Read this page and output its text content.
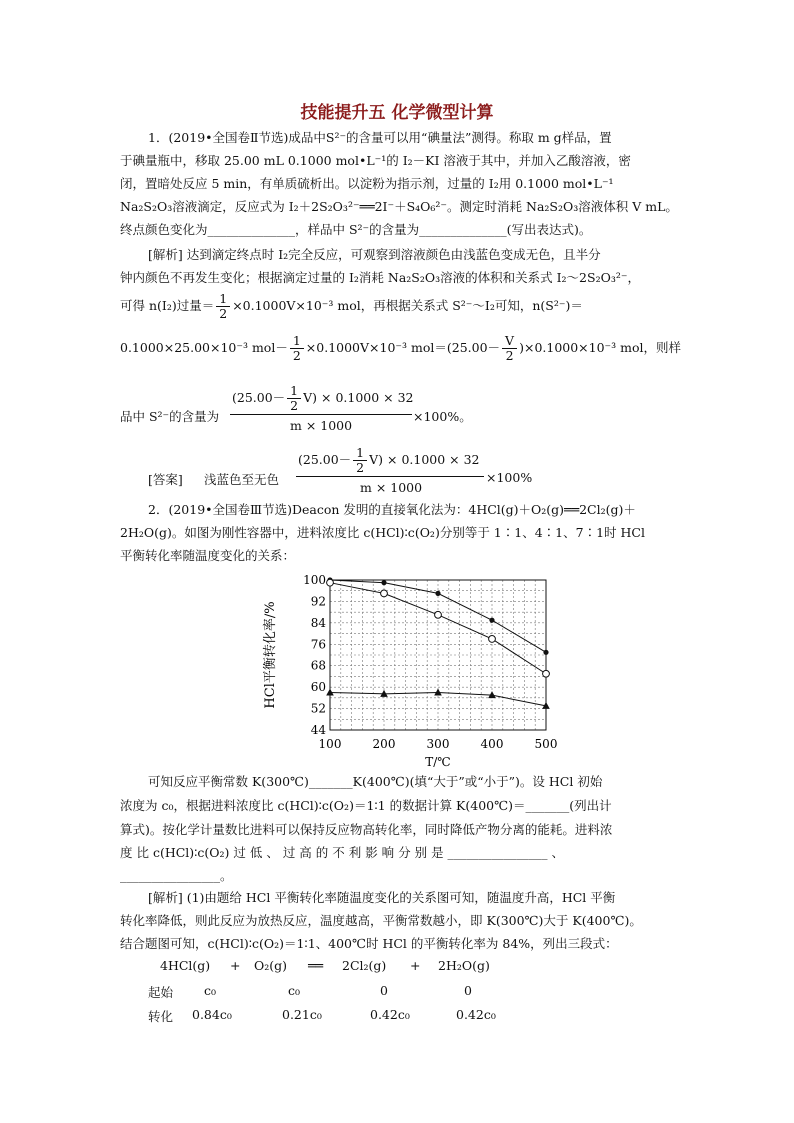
技能提升五 化学微型计算
1．(2019•全国卷Ⅱ节选)成品中S²⁻的含量可以用“碘量法”测得。称取 m g样品，置
于碘量瓶中，移取 25.00 mL 0.1000 mol•L⁻¹的 I₂－KI 溶液于其中，并加入乙酸溶液，密
闭，置暗处反应 5 min，有单质硫析出。以淀粉为指示剂，过量的 I₂用 0.1000 mol•L⁻¹
Na₂S₂O₃溶液滴定，反应式为 I₂＋2S₂O₃²⁻══2I⁻＋S₄O₆²⁻。测定时消耗 Na₂S₂O₃溶液体积 V mL。
终点颜色变化为______________，样品中 S²⁻的含量为______________(写出表达式)。
[解析] 达到滴定终点时 I₂完全反应，可观察到溶液颜色由浅蓝色变成无色，且半分
钟内颜色不再发生变化；根据滴定过量的 I₂消耗 Na₂S₂O₃溶液的体积和关系式 I₂～2S₂O₃²⁻，
可得 n(I₂)过量＝ $\frac{1}{2} \times 0.1000V\times 10^{-3}$ mol，再根据关系式 S²⁻～I₂可知，n(S²⁻)＝
0.1000×25.00×10⁻³ $mol- \frac{1}{2} \times 0.1000V\times 10^{-3}$ $mol=(25.00- \frac{V}{2} )\times 0.1000\times 10^{-3}$ mol，则样
品中 S²⁻的含量为
$(25.00- \frac{1}{2} V) \times 0.1000 \times 32$
m × 1000
×100%。
[答案] 浅蓝色至无色
$(25.00- \frac{1}{2} V) \times 0.1000 \times 32$
m × 1000
×100%
2．(2019•全国卷Ⅲ节选)Deacon 发明的直接氧化法为：4HCl(g)＋O₂(g)══2Cl₂(g)＋
2H₂O(g)。如图为刚性容器中，进料浓度比 c(HCl)∶c(O₂)分别等于 1∶1、4∶1、7∶1时 HCl
平衡转化率随温度变化的关系：
100
92
84
76
68
60
52
44
100	200	300	400	500
T/℃
HCl平衡转化率/%
可知反应平衡常数 K(300℃)_______K(400℃)(填“大于”或“小于”)。设 HCl 初始
浓度为 c₀，根据进料浓度比 c(HCl)∶c(O₂)＝1∶1 的数据计算 K(400℃)＝_______(列出计
算式)。按化学计量数比进料可以保持反应物高转化率，同时降低产物分离的能耗。进料浓
度 比 c(HCl)∶c(O₂) 过 低 、 过 高 的 不 利 影 响 分 别 是 ________________ 、
________________。
[解析] (1)由题给 HCl 平衡转化率随温度变化的关系图可知，随温度升高，HCl 平衡
转化率降低，则此反应为放热反应，温度越高，平衡常数越小，即 K(300℃)大于 K(400℃)。
结合题图可知，c(HCl)∶c(O₂)＝1∶1、400℃时 HCl 的平衡转化率为 84%，列出三段式：
4HCl(g) + O₂(g) ══ 2Cl₂(g) + 2H₂O(g)
起始 c₀	c₀	0	0
转化 0.84c₀	0.21c₀	0.42c₀	0.42c₀
